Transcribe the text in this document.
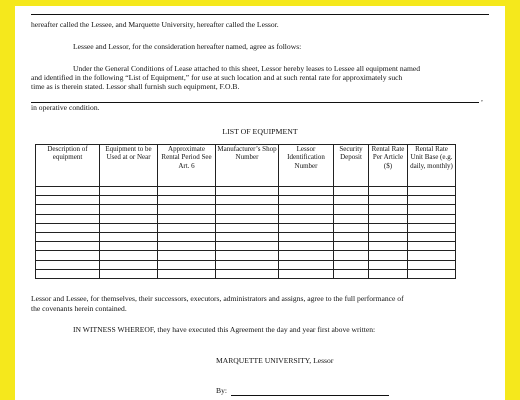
hereafter called the Lessee, and Marquette University, hereafter called the Lessor.
Lessee and Lessor, for the consideration hereafter named, agree as follows:
Under the General Conditions of Lease attached to this sheet, Lessor hereby leases to Lessee all equipment named
and identified in the following “List of Equipment,” for use at such location and at such rental rate for approximately such
time as is therein stated. Lessor shall furnish such equipment, F.O.B.
,
in operative condition.
LIST OF EQUIPMENT
Description of equipment	Equipment to be Used at or Near	Approximate Rental Period See Art. 6	Manufacturer’s Shop Number	Lessor Identification Number	Security Deposit	Rental Rate Per Article ($)	Rental Rate Unit Base (e.g. daily, monthly)

Lessor and Lessee, for themselves, their successors, executors, administrators and assigns, agree to the full performance of
the covenants herein contained.
IN WITNESS WHEREOF, they have executed this Agreement the day and year first above written:
MARQUETTE UNIVERSITY, Lessor
By:
